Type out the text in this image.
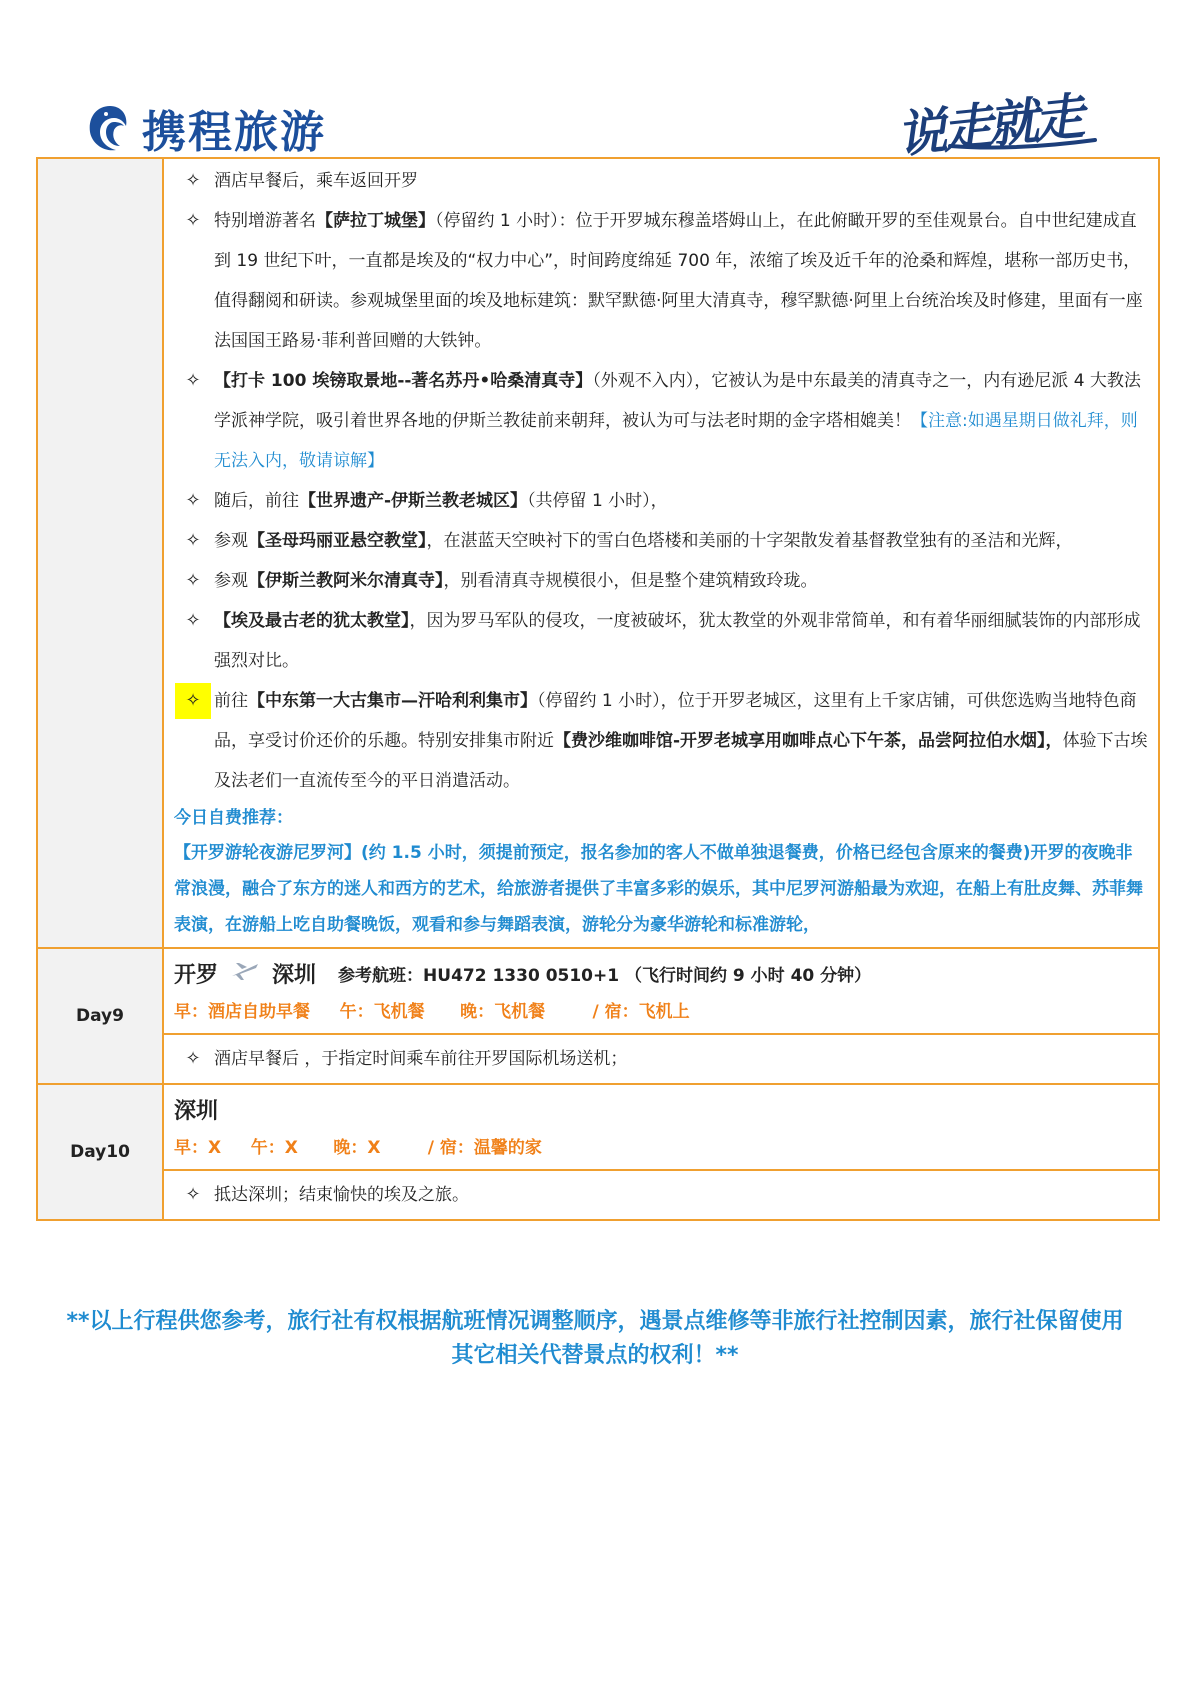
携程旅游	说走就走
✧ 酒店早餐后，乘车返回开罗
✧ 特别增游著名【萨拉丁城堡】（停留约 1 小时）：位于开罗城东穆盖塔姆山上，在此俯瞰开罗的至佳观景台。自中世纪建成直到 19 世纪下叶，一直都是埃及的“权力中心”，时间跨度绵延 700 年，浓缩了埃及近千年的沧桑和辉煌，堪称一部历史书，值得翻阅和研读。参观城堡里面的埃及地标建筑：默罕默德·阿里大清真寺，穆罕默德·阿里上台统治埃及时修建，里面有一座法国国王路易·菲利普回赠的大铁钟。
✧ 【打卡 100 埃镑取景地--著名苏丹•哈桑清真寺】（外观不入内），它被认为是中东最美的清真寺之一，内有逊尼派 4 大教法学派神学院，吸引着世界各地的伊斯兰教徒前来朝拜，被认为可与法老时期的金字塔相媲美！【注意:如遇星期日做礼拜，则无法入内，敬请谅解】
✧ 随后，前往【世界遗产-伊斯兰教老城区】（共停留 1 小时），
✧ 参观【圣母玛丽亚悬空教堂】，在湛蓝天空映衬下的雪白色塔楼和美丽的十字架散发着基督教堂独有的圣洁和光辉，
✧ 参观【伊斯兰教阿米尔清真寺】，别看清真寺规模很小，但是整个建筑精致玲珑。
✧ 【埃及最古老的犹太教堂】，因为罗马军队的侵攻，一度被破坏，犹太教堂的外观非常简单，和有着华丽细腻装饰的内部形成强烈对比。
✧ 前往【中东第一大古集市—汗哈利利集市】（停留约 1 小时），位于开罗老城区，这里有上千家店铺，可供您选购当地特色商品，享受讨价还价的乐趣。特别安排集市附近【费沙维咖啡馆-开罗老城享用咖啡点心下午茶，品尝阿拉伯水烟】，体验下古埃及法老们一直流传至今的平日消遣活动。
今日自费推荐：
【开罗游轮夜游尼罗河】(约 1.5 小时，须提前预定，报名参加的客人不做单独退餐费，价格已经包含原来的餐费)开罗的夜晚非常浪漫，融合了东方的迷人和西方的艺术，给旅游者提供了丰富多彩的娱乐，其中尼罗河游船最为欢迎，在船上有肚皮舞、苏菲舞表演，在游船上吃自助餐晚饭，观看和参与舞蹈表演，游轮分为豪华游轮和标准游轮，
Day9
开罗 深圳 参考航班：HU472 1330 0510+1 （飞行时间约 9 小时 40 分钟）
早：酒店自助早餐     午：飞机餐      晚：飞机餐        / 宿：飞机上
✧ 酒店早餐后 ，于指定时间乘车前往开罗国际机场送机；
Day10
深圳
早：X     午：X      晚：X        / 宿：温馨的家
✧ 抵达深圳；结束愉快的埃及之旅。
**以上行程供您参考，旅行社有权根据航班情况调整顺序，遇景点维修等非旅行社控制因素，旅行社保留使用其它相关代替景点的权利！**
